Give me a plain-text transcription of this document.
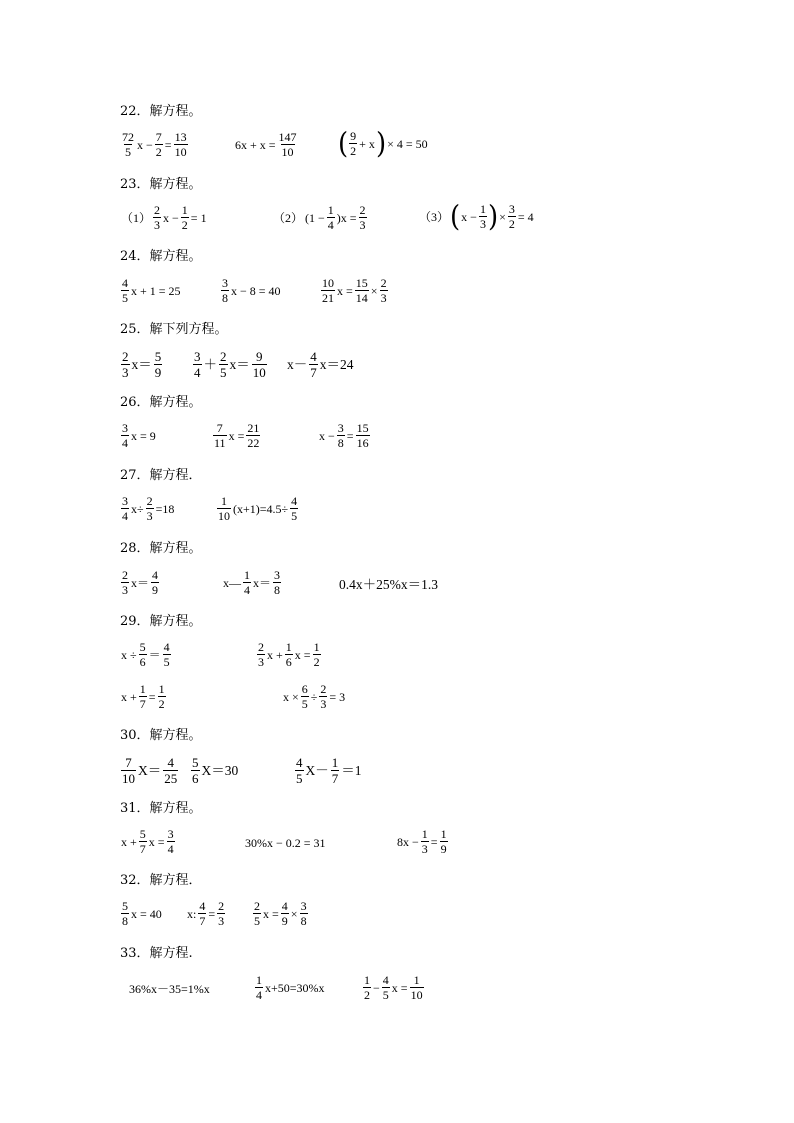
22．解方程。
72
5
$x - \frac{7}{2} = \frac{13}{10}$	$6x + x = \frac{147}{10}$ ( 9
2
+ x ) × 4 = 50
23．解方程。
（1）
2
3
$x - \frac{1}{2} = 1$	（2） $(1 - \frac{1}{4} )x = \frac{2}{3}$	（3） ( $x - \frac{1}{3}$ ) × $\frac{3}{2} = 4$
24．解方程。
4
5
x + 1 = 25
3
8
x − 8 = 40
10
21
$x = \frac{15}{14} \times \frac{2}{3}$
25．解下列方程。
2
3
x＝
5
9
3
4
＋
2
5
x＝
9
10
x－
4
7
x＝24
26．解方程。
3
4
x = 9
7
11
$x = \frac{21}{22}$	$x - \frac{3}{8} = \frac{15}{16}$
27．解方程．
3
4
$x\div \frac{2}{3} =18$
1
10
$(x+1)=4.5\div \frac{4}{5}$
28．解方程。
2
3
x＝
4
9
x—
1
4
x＝
3
8	0.4x＋25%x＝1.3
29．解方程。
$x \div \frac{5}{6}$ ＝
4
5
2
3
$x + \frac{1}{6}$ $x = \frac{1}{2}$
$x + \frac{1}{7} = \frac{1}{2}$	$x \times \frac{6}{5} \div \frac{2}{3} = 3$
30．解方程。
7
10
X＝
4
25
5
6
X＝30
4
5
X－
1
7
＝1
31．解方程。
$x + \frac{5}{7}$ $x = \frac{3}{4}$	30%x − 0.2 = 31	$8x - \frac{1}{3} = \frac{1}{9}$
32．解方程．
5
8
x = 40 x: $\frac{4}{7} = \frac{2}{3} 2$
5
$x = \frac{4}{9} \times \frac{3}{8}$
33．解方程.
36%x－35=1%x
1
4
x+50=30%x
1
2
− $\frac{4}{5}$ $x = \frac{1}{10}$
